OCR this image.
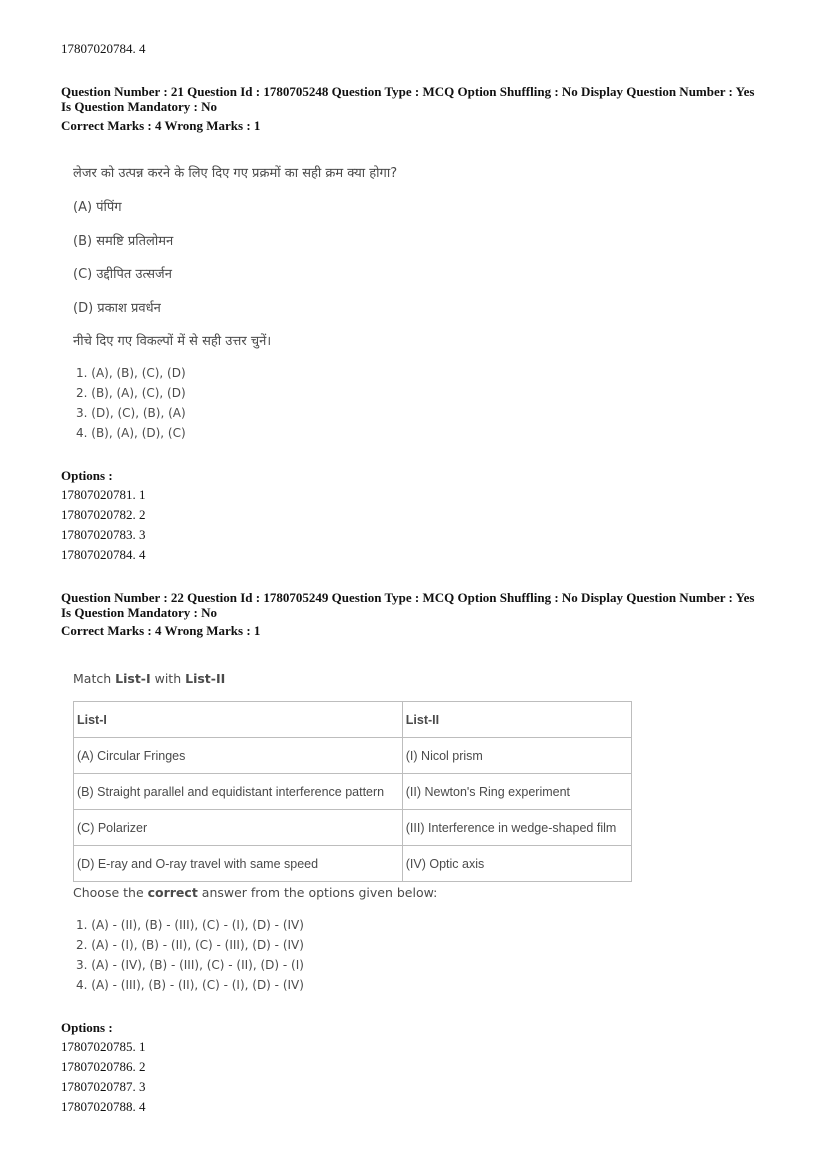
17807020784. 4
Question Number : 21 Question Id : 1780705248 Question Type : MCQ Option Shuffling : No Display Question Number : Yes
Is Question Mandatory : No
Correct Marks : 4 Wrong Marks : 1
लेजर को उत्पन्न करने के लिए दिए गए प्रक्रमों का सही क्रम क्या होगा?
(A) पंपिंग
(B) समष्टि प्रतिलोमन
(C) उद्दीपित उत्सर्जन
(D) प्रकाश प्रवर्धन
नीचे दिए गए विकल्पों में से सही उत्तर चुनें।
1. (A), (B), (C), (D)
2. (B), (A), (C), (D)
3. (D), (C), (B), (A)
4. (B), (A), (D), (C)
Options :
17807020781. 1
17807020782. 2
17807020783. 3
17807020784. 4
Question Number : 22 Question Id : 1780705249 Question Type : MCQ Option Shuffling : No Display Question Number : Yes
Is Question Mandatory : No
Correct Marks : 4 Wrong Marks : 1
Match List-I with List-II
List-I	List-II
(A) Circular Fringes	(I) Nicol prism
(B) Straight parallel and equidistant interference pattern	(II) Newton's Ring experiment
(C) Polarizer	(III) Interference in wedge-shaped film
(D) E-ray and O-ray travel with same speed	(IV) Optic axis
Choose the correct answer from the options given below:
1. (A) - (II), (B) - (III), (C) - (I), (D) - (IV)
2. (A) - (I), (B) - (II), (C) - (III), (D) - (IV)
3. (A) - (IV), (B) - (III), (C) - (II), (D) - (I)
4. (A) - (III), (B) - (II), (C) - (I), (D) - (IV)
Options :
17807020785. 1
17807020786. 2
17807020787. 3
17807020788. 4
